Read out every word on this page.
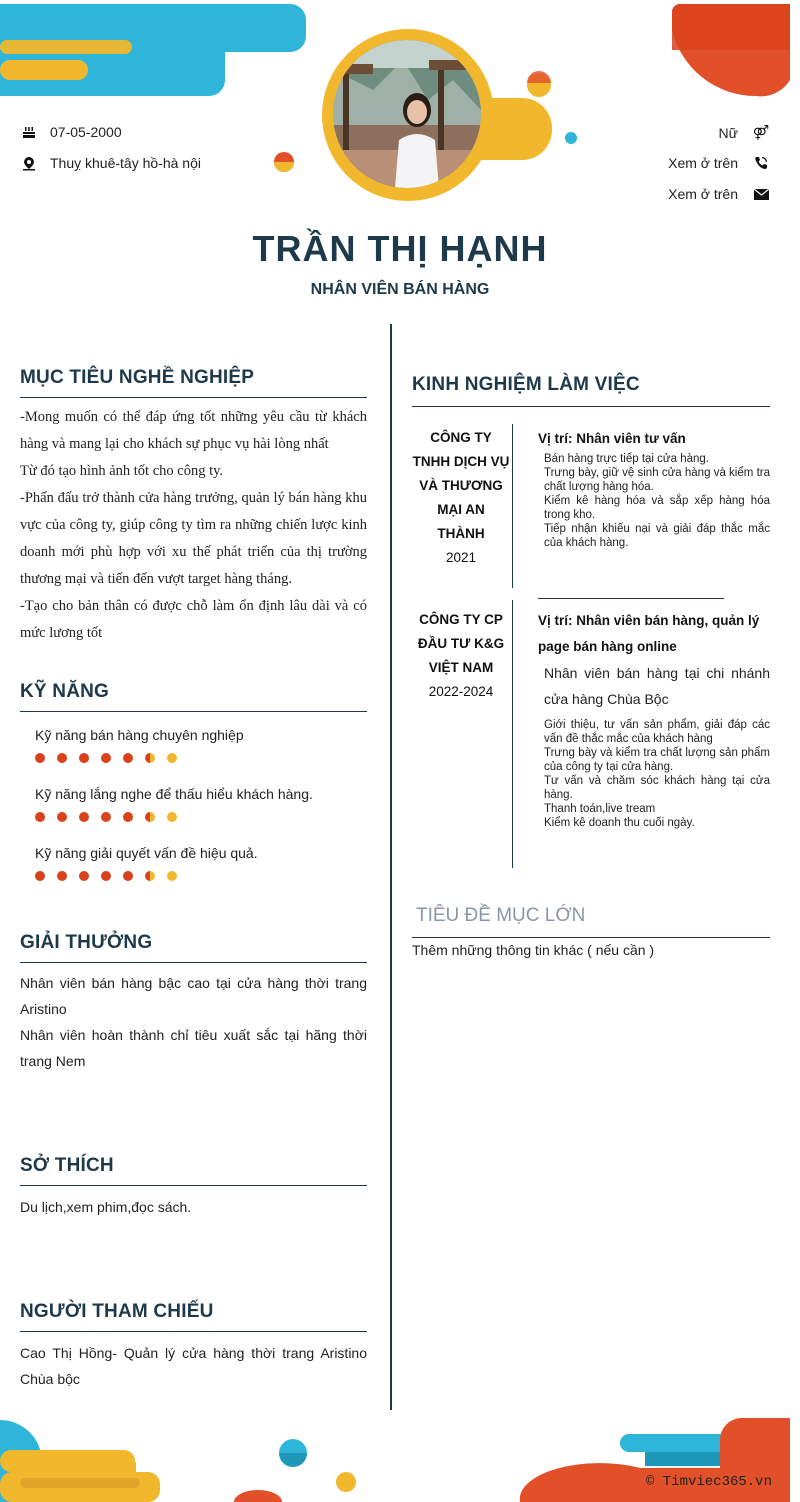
07-05-2000
Thuỵ khuê-tây hồ-hà nội
Nữ ⚤
Xem ở trên
Xem ở trên
TRẦN THỊ HẠNH
NHÂN VIÊN BÁN HÀNG
MỤC TIÊU NGHỀ NGHIỆP
-Mong muốn có thể đáp ứng tốt những yêu cầu từ khách hàng và mang lại cho khách sự phục vụ hài lòng nhất
Từ đó tạo hình ảnh tốt cho công ty.
-Phấn đấu trở thành cửa hàng trưởng, quản lý bán hàng khu vực của công ty, giúp công ty tìm ra những chiến lược kinh doanh mới phù hợp với xu thế phát triển của thị trường thương mại và tiến đến vượt target hàng tháng.
-Tạo cho bản thân có được chỗ làm ổn định lâu dài và có mức lương tốt
KỸ NĂNG
Kỹ năng bán hàng chuyên nghiệp
Kỹ năng lắng nghe để thấu hiểu khách hàng.
Kỹ năng giải quyết vấn đề hiệu quả.
GIẢI THƯỞNG
Nhân viên bán hàng bậc cao tại cửa hàng thời trang Aristino
Nhân viên hoàn thành chỉ tiêu xuất sắc tại hãng thời trang Nem
SỞ THÍCH
Du lịch,xem phim,đọc sách.
NGƯỜI THAM CHIẾU
Cao Thị Hồng- Quản lý cửa hàng thời trang Aristino Chùa bộc
KINH NGHIỆM LÀM VIỆC
CÔNG TY TNHH DỊCH VỤ VÀ THƯƠNG MẠI AN THÀNH
2021
Vị trí: Nhân viên tư vấn
Bán hàng trực tiếp tại cửa hàng.
Trưng bày, giữ vệ sinh cửa hàng và kiểm tra chất lượng hàng hóa.
Kiểm kê hàng hóa và sắp xếp hàng hóa trong kho.
Tiếp nhận khiếu nại và giải đáp thắc mắc của khách hàng.
CÔNG TY CP ĐẦU TƯ K&G VIỆT NAM
2022-2024
Vị trí: Nhân viên bán hàng, quản lý page bán hàng online
Nhân viên bán hàng tại chi nhánh cửa hàng Chùa Bộc
Giới thiệu, tư vấn sản phẩm, giải đáp các vấn đề thắc mắc của khách hàng
Trưng bày và kiểm tra chất lượng sản phẩm của công ty tại cửa hàng.
Tư vấn và chăm sóc khách hàng tại cửa hàng.
Thanh toán,live tream
Kiểm kê doanh thu cuối ngày.
TIÊU ĐỀ MỤC LỚN
Thêm những thông tin khác ( nếu cần )
© Timviec365.vn
